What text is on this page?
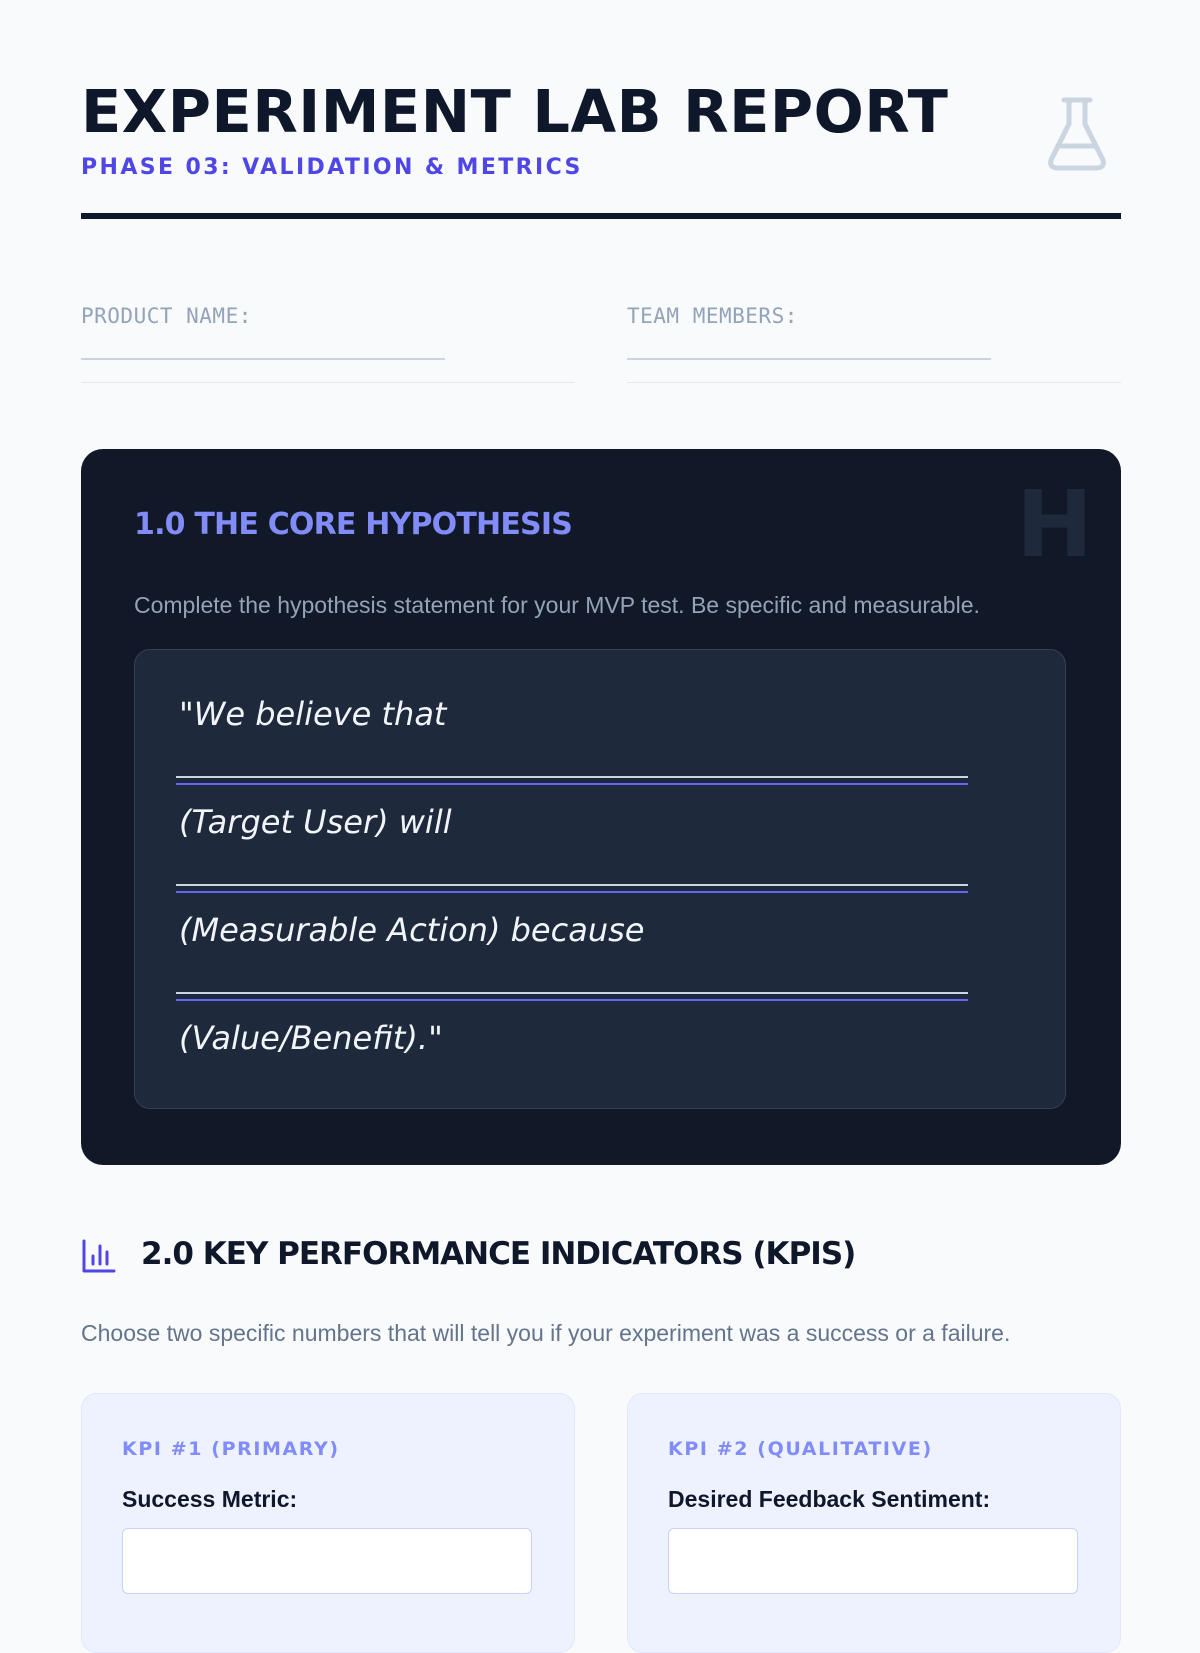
EXPERIMENT LAB REPORT
PHASE 03: VALIDATION & METRICS
PRODUCT NAME:	TEAM MEMBERS:
H
1.0 THE CORE HYPOTHESIS
Complete the hypothesis statement for your MVP test. Be specific and measurable.
"We believe that
(Target User) will
(Measurable Action) because
(Value/Benefit)."
2.0 KEY PERFORMANCE INDICATORS (KPIS)
Choose two specific numbers that will tell you if your experiment was a success or a failure.
KPI #1 (PRIMARY)
Success Metric:
KPI #2 (QUALITATIVE)
Desired Feedback Sentiment:
